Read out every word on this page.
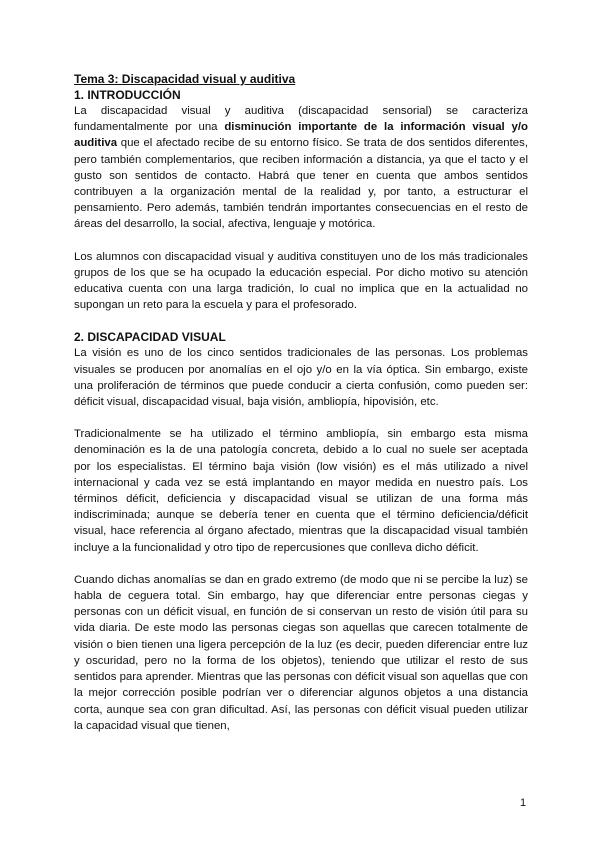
Tema 3: Discapacidad visual y auditiva
1. INTRODUCCIÓN

La discapacidad visual y auditiva (discapacidad sensorial) se caracteriza fundamentalmente por una disminución importante de la información visual y/o auditiva que el afectado recibe de su entorno físico. Se trata de dos sentidos diferentes, pero también complementarios, que reciben información a distancia, ya que el tacto y el gusto son sentidos de contacto. Habrá que tener en cuenta que ambos sentidos contribuyen a la organización mental de la realidad y, por tanto, a estructurar el pensamiento. Pero además, también tendrán importantes consecuencias en el resto de áreas del desarrollo, la social, afectiva, lenguaje y motórica.

Los alumnos con discapacidad visual y auditiva constituyen uno de los más tradicionales grupos de los que se ha ocupado la educación especial. Por dicho motivo su atención educativa cuenta con una larga tradición, lo cual no implica que en la actualidad no supongan un reto para la escuela y para el profesorado.

2. DISCAPACIDAD VISUAL

La visión es uno de los cinco sentidos tradicionales de las personas. Los problemas visuales se producen por anomalías en el ojo y/o en la vía óptica. Sin embargo, existe una proliferación de términos que puede conducir a cierta confusión, como pueden ser: déficit visual, discapacidad visual, baja visión, ambliopía, hipovisión, etc.

Tradicionalmente se ha utilizado el término ambliopía, sin embargo esta misma denominación es la de una patología concreta, debido a lo cual no suele ser aceptada por los especialistas. El término baja visión (low visión) es el más utilizado a nivel internacional y cada vez se está implantando en mayor medida en nuestro país. Los términos déficit, deficiencia y discapacidad visual se utilizan de una forma más indiscriminada; aunque se debería tener en cuenta que el término deficiencia/déficit visual, hace referencia al órgano afectado, mientras que la discapacidad visual también incluye a la funcionalidad y otro tipo de repercusiones que conlleva dicho déficit.

Cuando dichas anomalías se dan en grado extremo (de modo que ni se percibe la luz) se habla de ceguera total. Sin embargo, hay que diferenciar entre personas ciegas y personas con un déficit visual, en función de si conservan un resto de visión útil para su vida diaria. De este modo las personas ciegas son aquellas que carecen totalmente de visión o bien tienen una ligera percepción de la luz (es decir, pueden diferenciar entre luz y oscuridad, pero no la forma de los objetos), teniendo que utilizar el resto de sus sentidos para aprender. Mientras que las personas con déficit visual son aquellas que con la mejor corrección posible podrían ver o diferenciar algunos objetos a una distancia corta, aunque sea con gran dificultad. Así, las personas con déficit visual pueden utilizar la capacidad visual que tienen,

1
